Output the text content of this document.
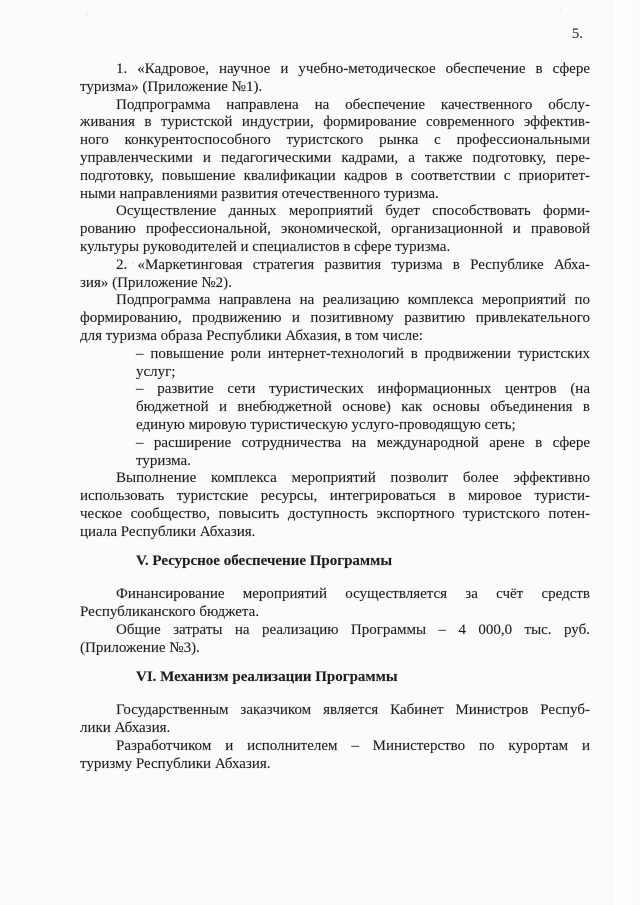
5.
1. «Кадровое, научное и учебно-методическое обеспечение в сфере
туризма» (Приложение №1).
Подпрограмма направлена на обеспечение качественного обслу-
живания в туристской индустрии, формирование современного эффектив-
ного конкурентоспособного туристского рынка с профессиональными
управленческими и педагогическими кадрами, а также подготовку, пере-
подготовку, повышение квалификации кадров в соответствии с приоритет-
ными направлениями развития отечественного туризма.
Осуществление данных мероприятий будет способствовать форми-
рованию профессиональной, экономической, организационной и правовой
культуры руководителей и специалистов в сфере туризма.
2. «Маркетинговая стратегия развития туризма в Республике Абха-
зия» (Приложение №2).
Подпрограмма направлена на реализацию комплекса мероприятий по
формированию, продвижению и позитивному развитию привлекательного
для туризма образа Республики Абхазия, в том числе:
– повышение роли интернет-технологий в продвижении туристских
услуг;
– развитие сети туристических информационных центров (на
бюджетной и внебюджетной основе) как основы объединения в
единую мировую туристическую услуго-проводящую сеть;
– расширение сотрудничества на международной арене в сфере
туризма.
Выполнение комплекса мероприятий позволит более эффективно
использовать туристские ресурсы, интегрироваться в мировое туристи-
ческое сообщество, повысить доступность экспортного туристского потен-
циала Республики Абхазия.
V. Ресурсное обеспечение Программы
Финансирование мероприятий осуществляется за счёт средств
Республиканского бюджета.
Общие затраты на реализацию Программы – 4 000,0 тыс. руб.
(Приложение №3).
VI. Механизм реализации Программы
Государственным заказчиком является Кабинет Министров Респуб-
лики Абхазия.
Разработчиком и исполнителем – Министерство по курортам и
туризму Республики Абхазия.
